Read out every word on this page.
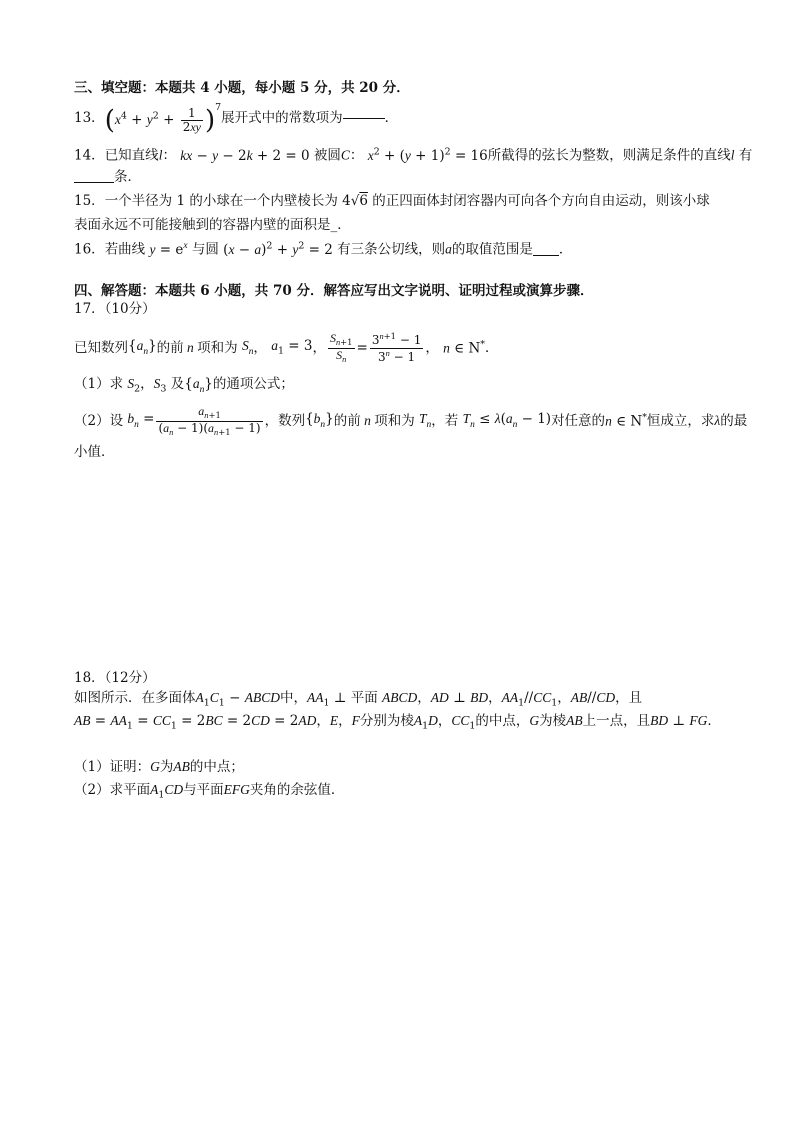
三、填空题：本题共 4 小题，每小题 5 分，共 20 分．
13． $(x^4 + y^2 + \frac{1}{2xy} )^7$
展开式中的常数项为	．
14．已知直线l： kx − y − 2k + 2 = 0 被圆C： $x^2 + (y + 1)^2 = 16$所截得的弦长为整数，则满足条件的直线l 有
条．
15．一个半径为 1 的小球在一个内壁棱长为 4√6 的正四面体封闭容器内可向各个方向自由运动，则该小球
表面永远不可能接触到的容器内壁的面积是_．
16．若曲线 $y = e^x$ 与圆 $(x - a)^2 + y^2 = 2$ 有三条公切线，则a的取值范围是 ．
四、解答题：本题共 6 小题，共 70 分．解答应写出文字说明、证明过程或演算步骤．
17．（10分）
已知数列 $\{a_n\}$ 的前 n 项和为 $S_n$ ， $a_1 = 3$ ， $\frac{S_{n+1}}{S_n} = \frac{3^{n+1} - 1}{3^n - 1}$ ， n ∈ N* ．
（1）求 $S_2$，$S_3$ 及$\{a_n\}$的通项公式；
（2）设 $b_n = \frac{a_{n+1}}{(a_n - 1)(a_{n+1} - 1)}$ ，数列 $\{b_n\}$ 的前 n 项和为 $T_n$ ，若 $T_n \le \lambda(a_n - 1)$ 对任意的 n ∈ N* 恒成立，求 λ 的最
小值．
18．（12分）
如图所示．在多面体$A_1C_1$ − ABCD中，$AA_1$ ⊥ 平面 ABCD，AD ⊥ BD，$AA_1//CC_1$，AB//CD，且
AB = $AA_1 = CC_1 = 2BC = 2CD = 2AD$，E，F分别为棱$A_1D$，$CC_1$的中点，G为棱AB上一点，且BD ⊥ FG．
（1）证明：G为AB的中点；
（2）求平面$A_1CD$与平面EFG夹角的余弦值．
